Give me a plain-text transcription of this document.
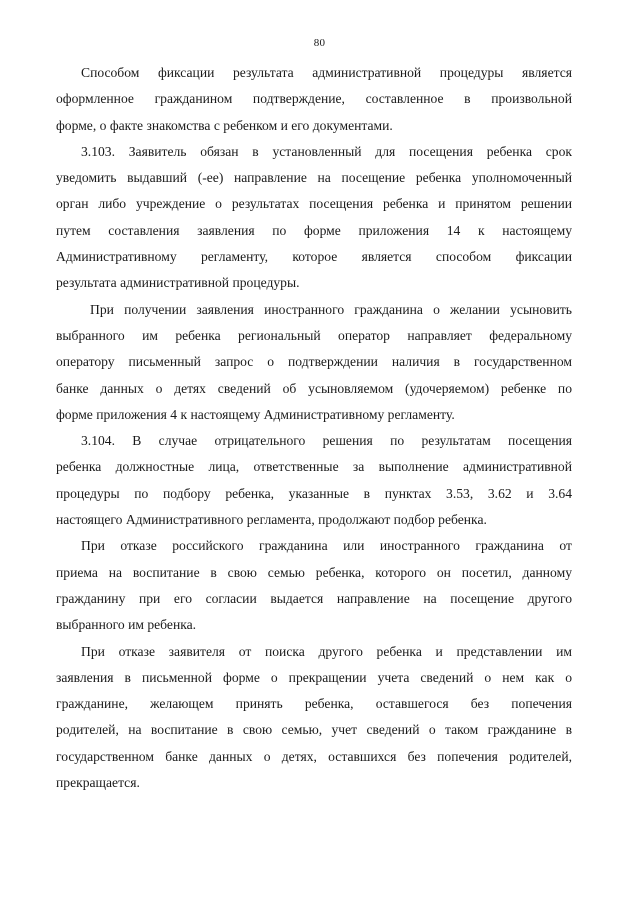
80
Способом фиксации результата административной процедуры является
оформленное гражданином подтверждение, составленное в произвольной
форме, о факте знакомства с ребенком и его документами.
3.103. Заявитель обязан в установленный для посещения ребенка срок
уведомить выдавший (-ее) направление на посещение ребенка уполномоченный
орган либо учреждение о результатах посещения ребенка и принятом решении
путем составления заявления по форме приложения 14 к настоящему
Административному регламенту, которое является способом фиксации
результата административной процедуры.
При получении заявления иностранного гражданина о желании усыновить
выбранного им ребенка региональный оператор направляет федеральному
оператору письменный запрос о подтверждении наличия в государственном
банке данных о детях сведений об усыновляемом (удочеряемом) ребенке по
форме приложения 4 к настоящему Административному регламенту.
3.104. В случае отрицательного решения по результатам посещения
ребенка должностные лица, ответственные за выполнение административной
процедуры по подбору ребенка, указанные в пунктах 3.53, 3.62 и 3.64
настоящего Административного регламента, продолжают подбор ребенка.
При отказе российского гражданина или иностранного гражданина от
приема на воспитание в свою семью ребенка, которого он посетил, данному
гражданину при его согласии выдается направление на посещение другого
выбранного им ребенка.
При отказе заявителя от поиска другого ребенка и представлении им
заявления в письменной форме о прекращении учета сведений о нем как о
гражданине, желающем принять ребенка, оставшегося без попечения
родителей, на воспитание в свою семью, учет сведений о таком гражданине в
государственном банке данных о детях, оставшихся без попечения родителей,
прекращается.
